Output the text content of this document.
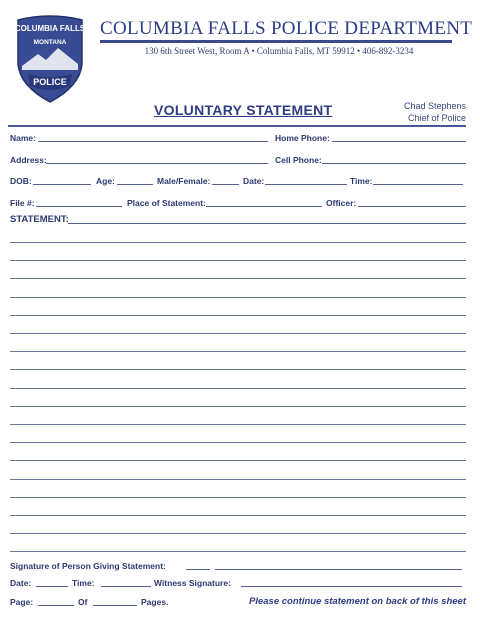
COLUMBIA FALLS
MONTANA
POLICE
COLUMBIA FALLS POLICE DEPARTMENT
130 6th Street West, Room A • Columbia Falls, MT 59912 • 406-892-3234
VOLUNTARY STATEMENT	Chad Stephens
Chief of Police
Name:	Home Phone:
Address:	Cell Phone:
DOB:	Age:	Male/Female:	Date:	Time:
File #:	Place of Statement:	Officer:
STATEMENT:
Signature of Person Giving Statement:
Date:	Time:	Witness Signature:
Page:	Of	Pages.	Please continue statement on back of this sheet
